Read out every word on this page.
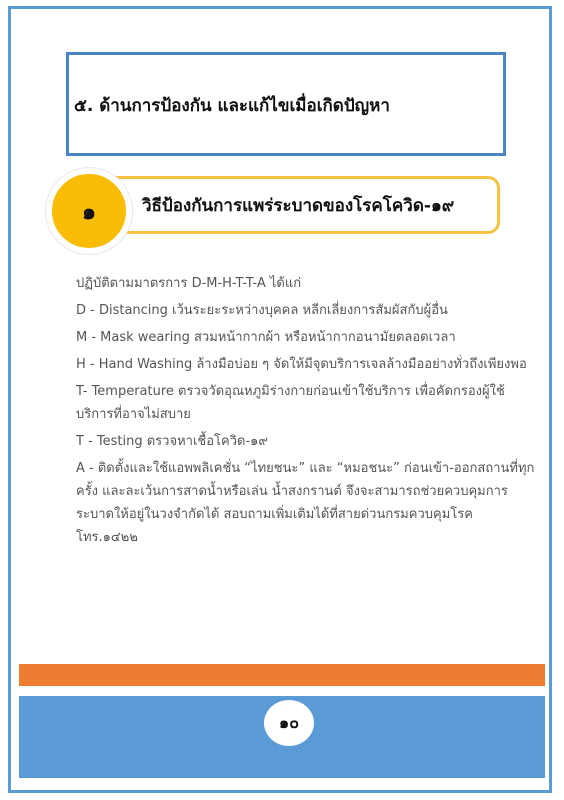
๕. ด้านการป้องกัน และแก้ไขเมื่อเกิดปัญหา
๑	วิธีป้องกันการแพร่ระบาดของโรคโควิด-๑๙

ปฏิบัติตามมาตรการ D-M-H-T-T-A ได้แก่

D - Distancing เว้นระยะระหว่างบุคคล หลีกเลี่ยงการสัมผัสกับผู้อื่น

M - Mask wearing สวมหน้ากากผ้า หรือหน้ากากอนามัยตลอดเวลา

H - Hand Washing ล้างมือบ่อย ๆ จัดให้มีจุดบริการเจลล้างมืออย่างทั่วถึงเพียงพอ

T- Temperature ตรวจวัดอุณหภูมิร่างกายก่อนเข้าใช้บริการ เพื่อคัดกรองผู้ใช้บริการที่อาจไม่สบาย

T - Testing ตรวจหาเชื้อโควิด-๑๙

A - ติดตั้งและใช้แอพพลิเคชั่น “ไทยชนะ” และ “หมอชนะ” ก่อนเข้า-ออกสถานที่ทุกครั้ง และละเว้นการสาดน้ำหรือเล่น น้ำสงกรานต์ จึงจะสามารถช่วยควบคุมการระบาดให้อยู่ในวงจำกัดได้ สอบถามเพิ่มเติมได้ที่สายด่วนกรมควบคุมโรค โทร.๑๔๒๒

๑๐
